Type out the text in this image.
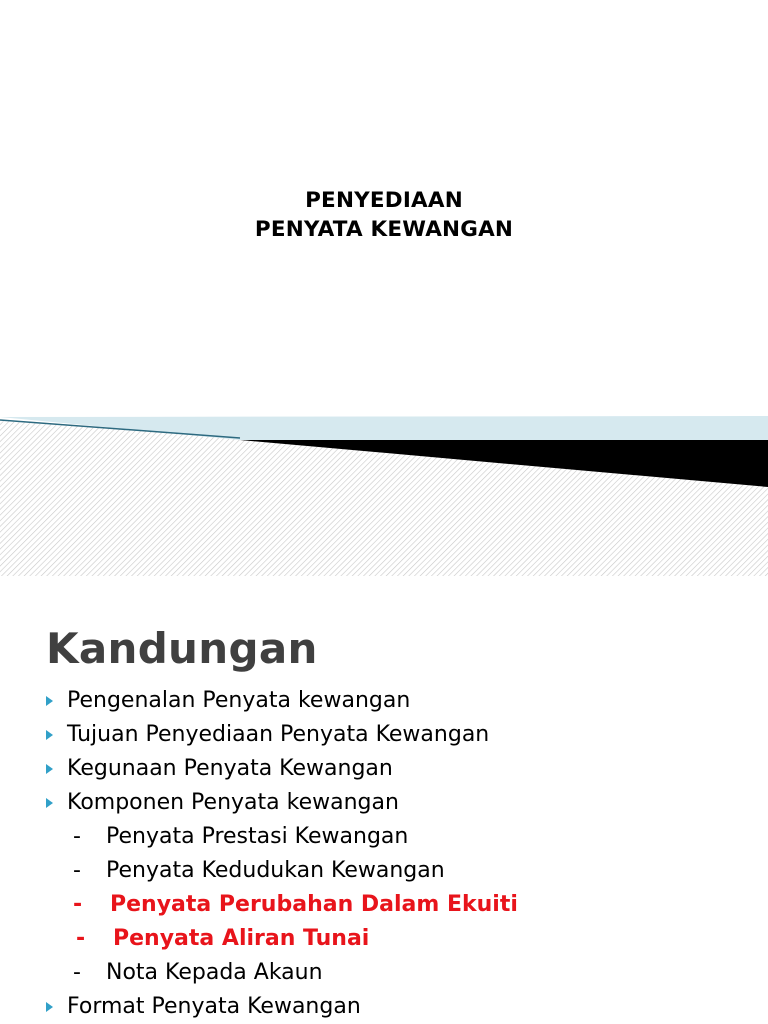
PENYEDIAAN
PENYATA KEWANGAN
Kandungan
Pengenalan Penyata kewangan
Tujuan Penyediaan Penyata Kewangan
Kegunaan Penyata Kewangan
Komponen Penyata kewangan
- Penyata Prestasi Kewangan
- Penyata Kedudukan Kewangan
- Penyata Perubahan Dalam Ekuiti
- Penyata Aliran Tunai
- Nota Kepada Akaun
Format Penyata Kewangan
